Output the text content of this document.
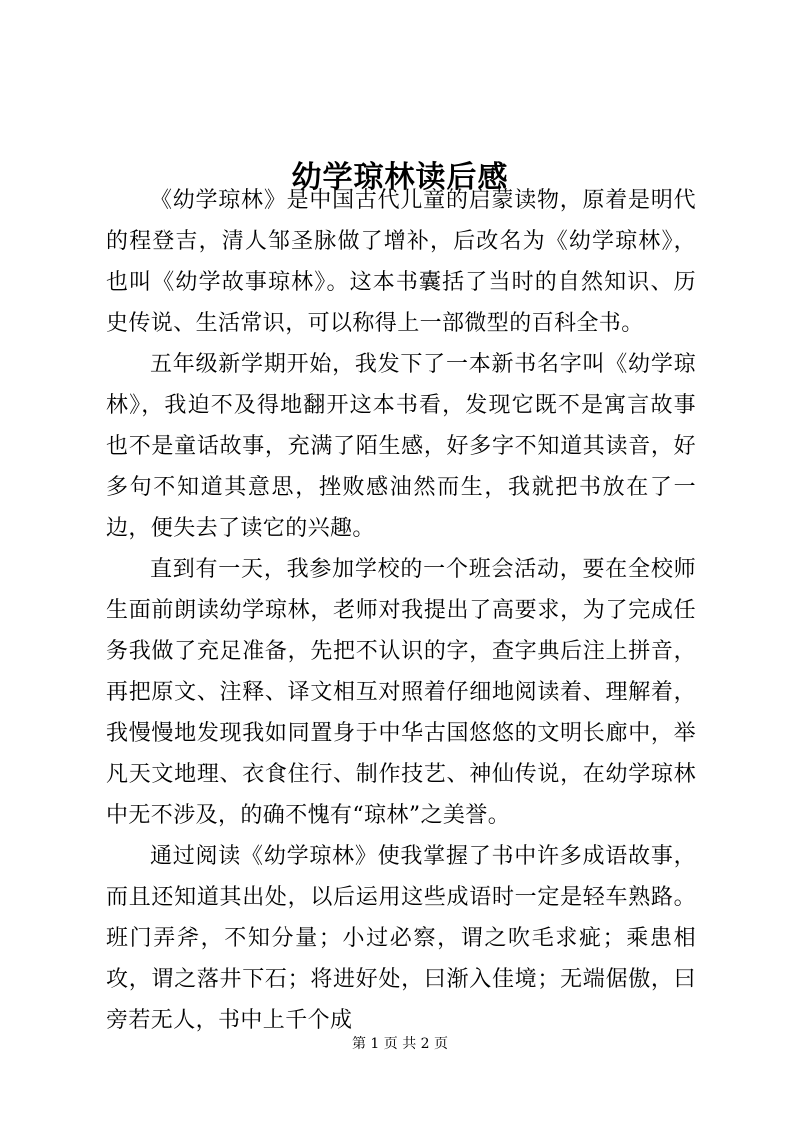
幼学琼林读后感

《幼学琼林》是中国古代儿童的启蒙读物，原着是明代的程登吉，清人邹圣脉做了增补，后改名为《幼学琼林》，也叫《幼学故事琼林》。这本书囊括了当时的自然知识、历史传说、生活常识，可以称得上一部微型的百科全书。

五年级新学期开始，我发下了一本新书名字叫《幼学琼林》，我迫不及得地翻开这本书看，发现它既不是寓言故事也不是童话故事，充满了陌生感，好多字不知道其读音，好多句不知道其意思，挫败感油然而生，我就把书放在了一边，便失去了读它的兴趣。

直到有一天，我参加学校的一个班会活动，要在全校师生面前朗读幼学琼林，老师对我提出了高要求，为了完成任务我做了充足准备，先把不认识的字，查字典后注上拼音，再把原文、注释、译文相互对照着仔细地阅读着、理解着，我慢慢地发现我如同置身于中华古国悠悠的文明长廊中，举凡天文地理、衣食住行、制作技艺、神仙传说，在幼学琼林中无不涉及，的确不愧有“琼林”之美誉。

通过阅读《幼学琼林》使我掌握了书中许多成语故事，而且还知道其出处，以后运用这些成语时一定是轻车熟路。班门弄斧，不知分量；小过必察，谓之吹毛求疵；乘患相攻，谓之落井下石；将进好处，曰渐入佳境；无端倨傲，曰旁若无人，书中上千个成

第 1 页 共 2 页
